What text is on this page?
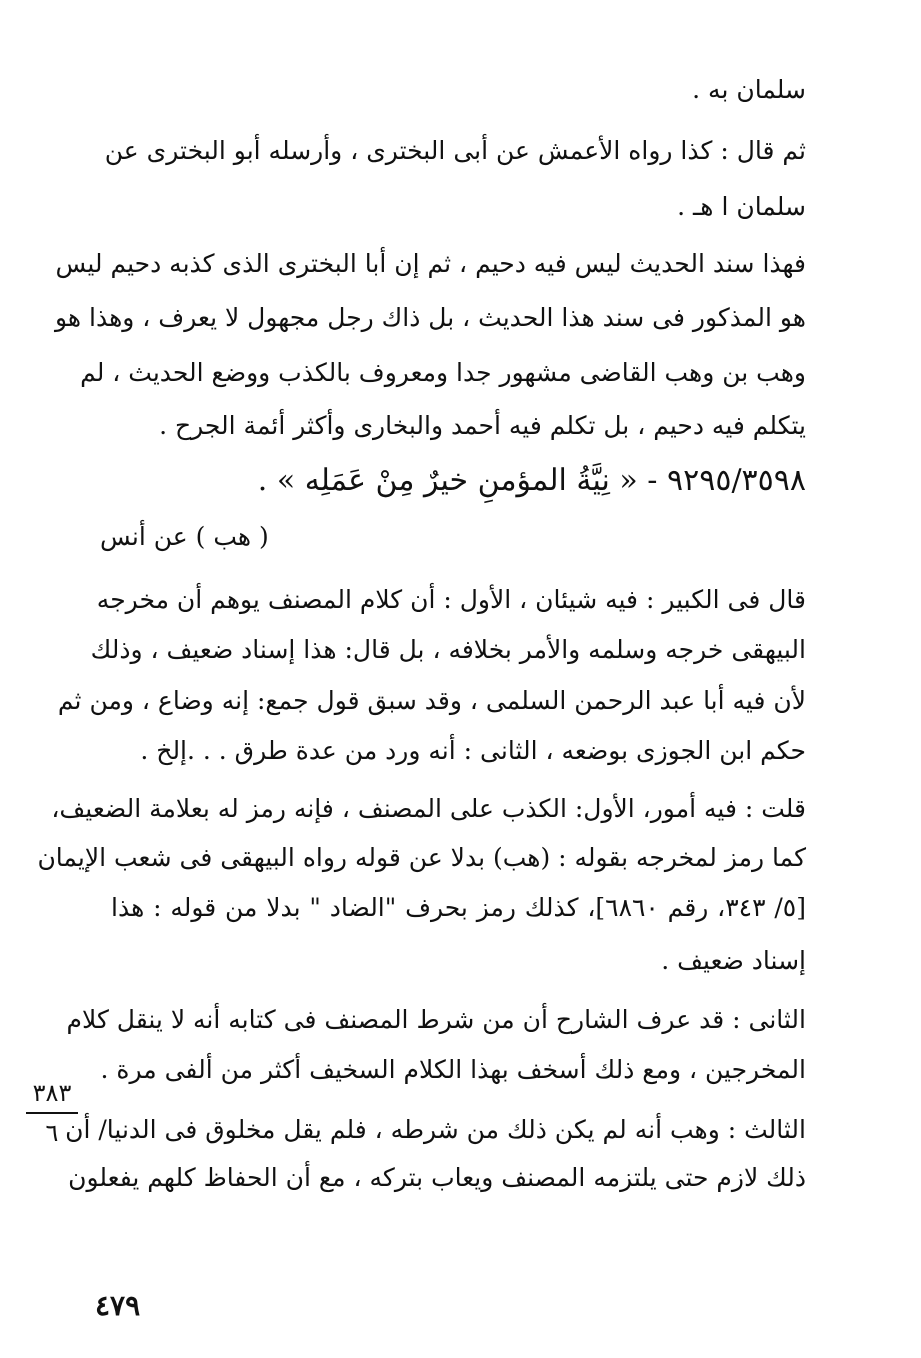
سلمان به .
ثم قال : كذا رواه الأعمش عن أبى البخترى ، وأرسله أبو البخترى عن
سلمان ا هـ .
فهذا سند الحديث ليس فيه دحيم ، ثم إن أبا البخترى الذى كذبه دحيم ليس
هو المذكور فى سند هذا الحديث ، بل ذاك رجل مجهول لا يعرف ، وهذا هو
وهب بن وهب القاضى مشهور جدا ومعروف بالكذب ووضع الحديث ، لم
يتكلم فيه دحيم ، بل تكلم فيه أحمد والبخارى وأكثر أئمة الجرح .
٩٢٩٥/٣٥٩٨ - « نِيَّةُ المؤمنِ خيرٌ مِنْ عَمَلِه » .
( هب ) عن أنس
قال فى الكبير : فيه شيئان ، الأول : أن كلام المصنف يوهم أن مخرجه
البيهقى خرجه وسلمه والأمر بخلافه ، بل قال: هذا إسناد ضعيف ، وذلك
لأن فيه أبا عبد الرحمن السلمى ، وقد سبق قول جمع: إنه وضاع ، ومن ثم
حكم ابن الجوزى بوضعه ، الثانى : أنه ورد من عدة طرق . . .إلخ .
قلت : فيه أمور، الأول: الكذب على المصنف ، فإنه رمز له بعلامة الضعيف،
كما رمز لمخرجه بقوله : (هب) بدلا عن قوله رواه البيهقى فى شعب الإيمان
[٥/ ٣٤٣، رقم ٦٨٦٠]، كذلك رمز بحرف "الضاد " بدلا من قوله : هذا
إسناد ضعيف .
الثانى : قد عرف الشارح أن من شرط المصنف فى كتابه أنه لا ينقل كلام
المخرجين ، ومع ذلك أسخف بهذا الكلام السخيف أكثر من ألفى مرة .
الثالث : وهب أنه لم يكن ذلك من شرطه ، فلم يقل مخلوق فى الدنيا/ أن
ذلك لازم حتى يلتزمه المصنف ويعاب بتركه ، مع أن الحفاظ كلهم يفعلون
٣٨٣
٦
٤٧٩
